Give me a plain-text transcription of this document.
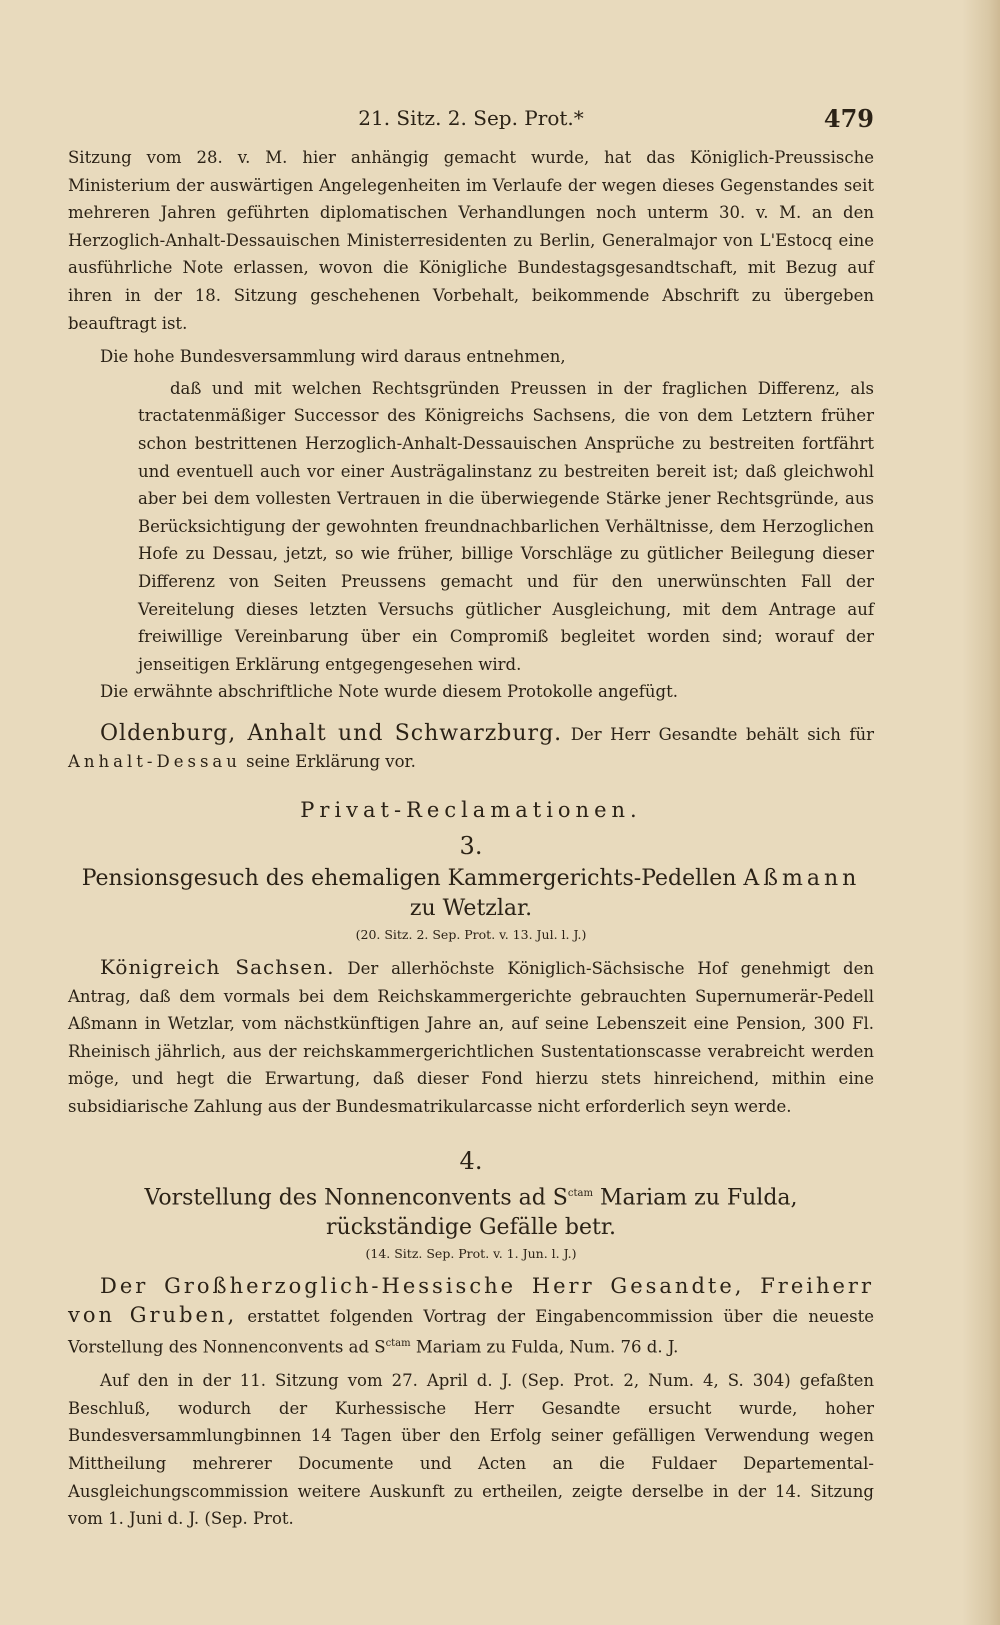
21. Sitz. 2. Sep. Prot.*	479

Sitzung vom 28. v. M. hier anhängig gemacht wurde, hat das Königlich-Preussische Ministerium der auswärtigen Angelegenheiten im Verlaufe der wegen dieses Gegenstandes seit mehreren Jahren geführten diplomatischen Verhandlungen noch unterm 30. v. M. an den Herzoglich-Anhalt-Dessauischen Ministerresidenten zu Berlin, Generalmajor von L'Estocq eine ausführliche Note erlassen, wovon die Königliche Bundestagsgesandtschaft, mit Bezug auf ihren in der 18. Sitzung geschehenen Vorbehalt, beikommende Abschrift zu übergeben beauftragt ist.

Die hohe Bundesversammlung wird daraus entnehmen,

daß und mit welchen Rechtsgründen Preussen in der fraglichen Differenz, als tractatenmäßiger Successor des Königreichs Sachsens, die von dem Letztern früher schon bestrittenen Herzoglich-Anhalt-Dessauischen Ansprüche zu bestreiten fortfährt und eventuell auch vor einer Austrägalinstanz zu bestreiten bereit ist; daß gleichwohl aber bei dem vollesten Vertrauen in die überwiegende Stärke jener Rechtsgründe, aus Berücksichtigung der gewohnten freundnachbarlichen Verhältnisse, dem Herzoglichen Hofe zu Dessau, jetzt, so wie früher, billige Vorschläge zu gütlicher Beilegung dieser Differenz von Seiten Preussens gemacht und für den unerwünschten Fall der Vereitelung dieses letzten Versuchs gütlicher Ausgleichung, mit dem Antrage auf freiwillige Vereinbarung über ein Compromiß begleitet worden sind; worauf der jenseitigen Erklärung entgegengesehen wird.

Die erwähnte abschriftliche Note wurde diesem Protokolle angefügt.

Oldenburg, Anhalt und Schwarzburg. Der Herr Gesandte behält sich für Anhalt-Dessau seine Erklärung vor.

Privat-Reclamationen.
3.
Pensionsgesuch des ehemaligen Kammergerichts-Pedellen Aßmann zu Wetzlar.
(20. Sitz. 2. Sep. Prot. v. 13. Jul. l. J.)

Königreich Sachsen. Der allerhöchste Königlich-Sächsische Hof genehmigt den Antrag, daß dem vormals bei dem Reichskammergerichte gebrauchten Supernumerär-Pedell Aßmann in Wetzlar, vom nächstkünftigen Jahre an, auf seine Lebenszeit eine Pension, 300 Fl. Rheinisch jährlich, aus der reichskammergerichtlichen Sustentationscasse verabreicht werden möge, und hegt die Erwartung, daß dieser Fond hierzu stets hinreichend, mithin eine subsidiarische Zahlung aus der Bundesmatrikularcasse nicht erforderlich seyn werde.

4.
Vorstellung des Nonnenconvents ad $S^{ctam}$ Mariam zu Fulda, rückständige Gefälle betr.
(14. Sitz. Sep. Prot. v. 1. Jun. l. J.)

Der Großherzoglich-Hessische Herr Gesandte, Freiherr von Gruben, erstattet folgenden Vortrag der Eingabencommission über die neueste Vorstellung des Nonnenconvents ad $S^{ctam}$ Mariam zu Fulda, Num. 76 d. J.

Auf den in der 11. Sitzung vom 27. April d. J. (Sep. Prot. 2, Num. 4, S. 304) gefaßten Beschluß, wodurch der Kurhessische Herr Gesandte ersucht wurde, hoher Bundesversammlungbinnen 14 Tagen über den Erfolg seiner gefälligen Verwendung wegen Mittheilung mehrerer Documente und Acten an die Fuldaer Departemental-Ausgleichungscommission weitere Auskunft zu ertheilen, zeigte derselbe in der 14. Sitzung vom 1. Juni d. J. (Sep. Prot.
